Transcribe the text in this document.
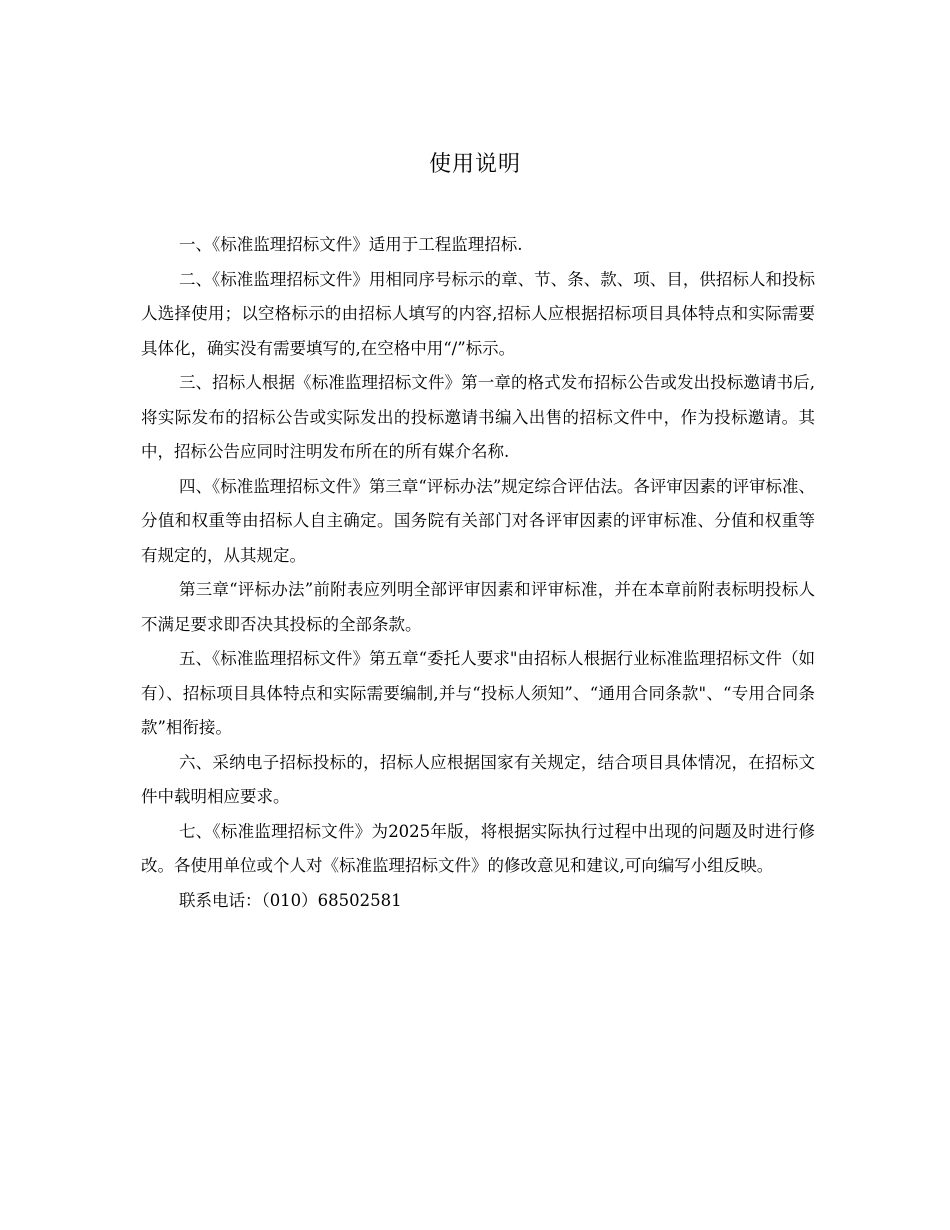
使用说明

一、《标准监理招标文件》适用于工程监理招标.

二、《标准监理招标文件》用相同序号标示的章、节、条、款、项、目，供招标人和投标人选择使用；以空格标示的由招标人填写的内容,招标人应根据招标项目具体特点和实际需要具体化，确实没有需要填写的,在空格中用“/”标示。

三、招标人根据《标准监理招标文件》第一章的格式发布招标公告或发出投标邀请书后,将实际发布的招标公告或实际发出的投标邀请书编入出售的招标文件中，作为投标邀请。其中，招标公告应同时注明发布所在的所有媒介名称.

四、《标准监理招标文件》第三章“评标办法”规定综合评估法。各评审因素的评审标准、分值和权重等由招标人自主确定。国务院有关部门对各评审因素的评审标准、分值和权重等有规定的，从其规定。

第三章“评标办法”前附表应列明全部评审因素和评审标准，并在本章前附表标明投标人不满足要求即否决其投标的全部条款。

五、《标准监理招标文件》第五章“委托人要求"由招标人根据行业标准监理招标文件（如有）、招标项目具体特点和实际需要编制,并与“投标人须知”、“通用合同条款"、“专用合同条款”相衔接。

六、采纳电子招标投标的，招标人应根据国家有关规定，结合项目具体情况，在招标文件中载明相应要求。

七、《标准监理招标文件》为2025年版，将根据实际执行过程中出现的问题及时进行修改。各使用单位或个人对《标准监理招标文件》的修改意见和建议,可向编写小组反映。

联系电话：（010）68502581
